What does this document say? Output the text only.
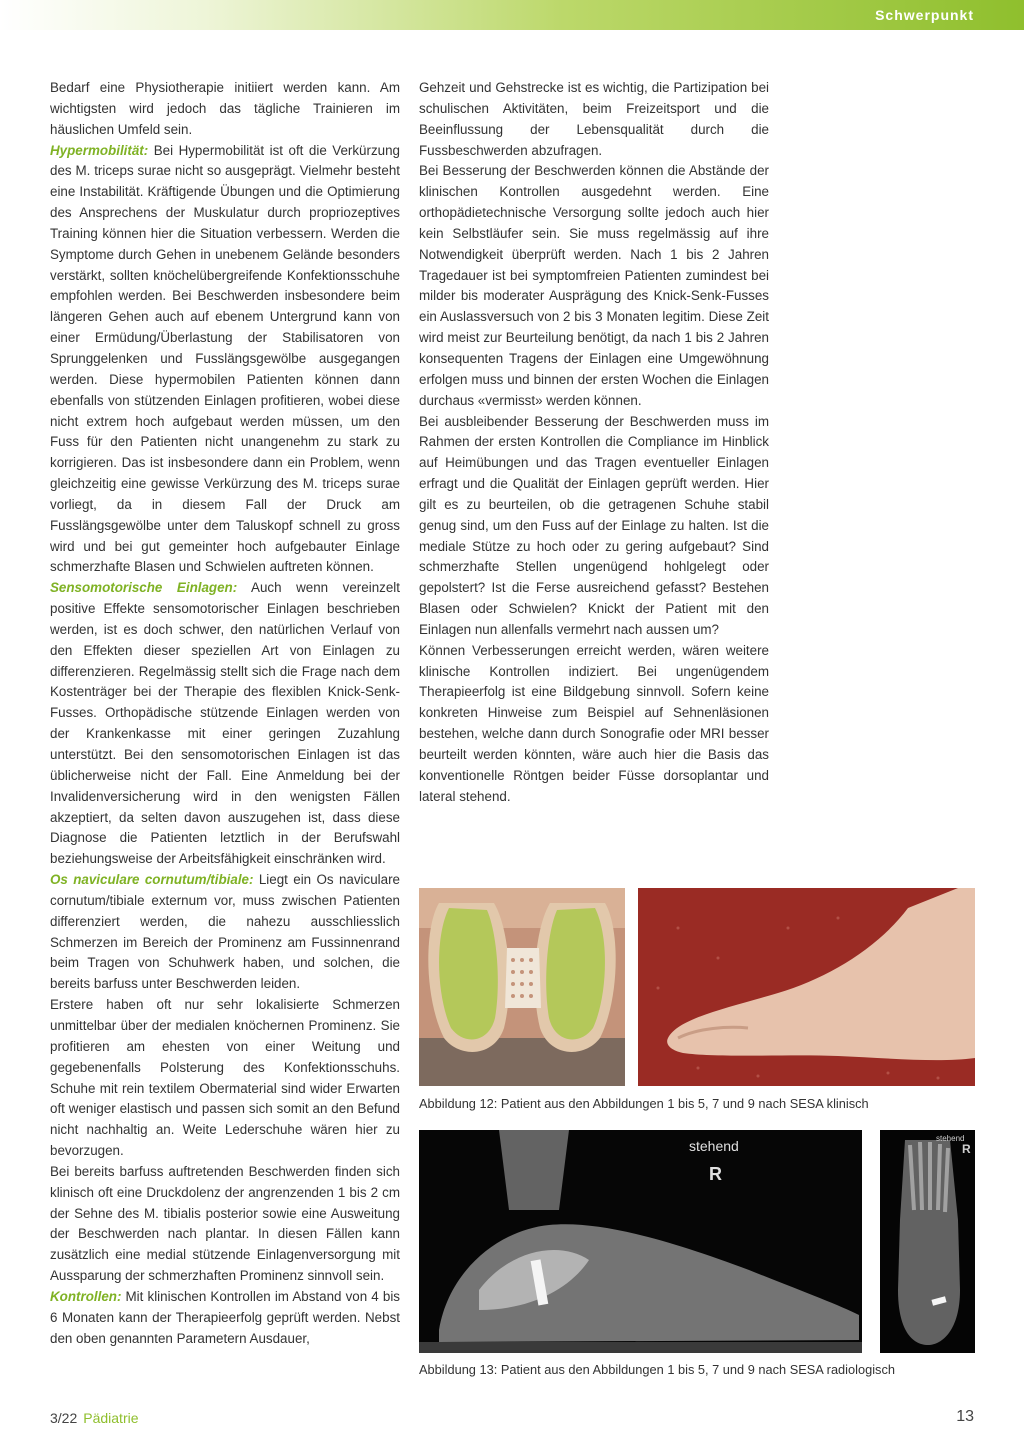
Schwerpunkt

Bedarf eine Physiotherapie initiiert werden kann. Am wichtigsten wird jedoch das tägliche Trainieren im häuslichen Umfeld sein.

Hypermobilität: Bei Hypermobilität ist oft die Verkürzung des M. triceps surae nicht so ausgeprägt. Vielmehr besteht eine Instabilität. Kräftigende Übungen und die Optimierung des Ansprechens der Muskulatur durch propriozeptives Training können hier die Situation verbessern. Werden die Symptome durch Gehen in unebenem Gelände besonders verstärkt, sollten knöchelübergreifende Konfektionsschuhe empfohlen werden. Bei Beschwerden insbesondere beim längeren Gehen auch auf ebenem Untergrund kann von einer Ermüdung/Überlastung der Stabilisatoren von Sprunggelenken und Fusslängsgewölbe ausgegangen werden. Diese hypermobilen Patienten können dann ebenfalls von stützenden Einlagen profitieren, wobei diese nicht extrem hoch aufgebaut werden müssen, um den Fuss für den Patienten nicht unangenehm zu stark zu korrigieren. Das ist insbesondere dann ein Problem, wenn gleichzeitig eine gewisse Verkürzung des M. triceps surae vorliegt, da in diesem Fall der Druck am Fusslängsgewölbe unter dem Taluskopf schnell zu gross wird und bei gut gemeinter hoch aufgebauter Einlage schmerzhafte Blasen und Schwielen auftreten können.

Sensomotorische Einlagen: Auch wenn vereinzelt positive Effekte sensomotorischer Einlagen beschrieben werden, ist es doch schwer, den natürlichen Verlauf von den Effekten dieser speziellen Art von Einlagen zu differenzieren. Regelmässig stellt sich die Frage nach dem Kostenträger bei der Therapie des flexiblen Knick-Senk-Fusses. Orthopädische stützende Einlagen werden von der Krankenkasse mit einer geringen Zuzahlung unterstützt. Bei den sensomotorischen Einlagen ist das üblicherweise nicht der Fall. Eine Anmeldung bei der Invalidenversicherung wird in den wenigsten Fällen akzeptiert, da selten davon auszugehen ist, dass diese Diagnose die Patienten letztlich in der Berufswahl beziehungsweise der Arbeitsfähigkeit einschränken wird.

Os naviculare cornutum/tibiale: Liegt ein Os naviculare cornutum/tibiale externum vor, muss zwischen Patienten differenziert werden, die nahezu ausschliesslich Schmerzen im Bereich der Prominenz am Fussinnenrand beim Tragen von Schuhwerk haben, und solchen, die bereits barfuss unter Beschwerden leiden.

Erstere haben oft nur sehr lokalisierte Schmerzen unmittelbar über der medialen knöchernen Prominenz. Sie profitieren am ehesten von einer Weitung und gegebenenfalls Polsterung des Konfektionsschuhs. Schuhe mit rein textilem Obermaterial sind wider Erwarten oft weniger elastisch und passen sich somit an den Befund nicht nachhaltig an. Weite Lederschuhe wären hier zu bevorzugen.

Bei bereits barfuss auftretenden Beschwerden finden sich klinisch oft eine Druckdolenz der angrenzenden 1 bis 2 cm der Sehne des M. tibialis posterior sowie eine Ausweitung der Beschwerden nach plantar. In diesen Fällen kann zusätzlich eine medial stützende Einlagenversorgung mit Aussparung der schmerzhaften Prominenz sinnvoll sein.

Kontrollen: Mit klinischen Kontrollen im Abstand von 4 bis 6 Monaten kann der Therapieerfolg geprüft werden. Nebst den oben genannten Parametern Ausdauer,

Gehzeit und Gehstrecke ist es wichtig, die Partizipation bei schulischen Aktivitäten, beim Freizeitsport und die Beeinflussung der Lebensqualität durch die Fussbeschwerden abzufragen.

Bei Besserung der Beschwerden können die Abstände der klinischen Kontrollen ausgedehnt werden. Eine orthopädietechnische Versorgung sollte jedoch auch hier kein Selbstläufer sein. Sie muss regelmässig auf ihre Notwendigkeit überprüft werden. Nach 1 bis 2 Jahren Tragedauer ist bei symptomfreien Patienten zumindest bei milder bis moderater Ausprägung des Knick-Senk-Fusses ein Auslassversuch von 2 bis 3 Monaten legitim. Diese Zeit wird meist zur Beurteilung benötigt, da nach 1 bis 2 Jahren konsequenten Tragens der Einlagen eine Umgewöhnung erfolgen muss und binnen der ersten Wochen die Einlagen durchaus «vermisst» werden können.

Bei ausbleibender Besserung der Beschwerden muss im Rahmen der ersten Kontrollen die Compliance im Hinblick auf Heimübungen und das Tragen eventueller Einlagen erfragt und die Qualität der Einlagen geprüft werden. Hier gilt es zu beurteilen, ob die getragenen Schuhe stabil genug sind, um den Fuss auf der Einlage zu halten. Ist die mediale Stütze zu hoch oder zu gering aufgebaut? Sind schmerzhafte Stellen ungenügend hohlgelegt oder gepolstert? Ist die Ferse ausreichend gefasst? Bestehen Blasen oder Schwielen? Knickt der Patient mit den Einlagen nun allenfalls vermehrt nach aussen um?

Können Verbesserungen erreicht werden, wären weitere klinische Kontrollen indiziert. Bei ungenügendem Therapieerfolg ist eine Bildgebung sinnvoll. Sofern keine konkreten Hinweise zum Beispiel auf Sehnenläsionen bestehen, welche dann durch Sonografie oder MRI besser beurteilt werden könnten, wäre auch hier die Basis das konventionelle Röntgen beider Füsse dorsoplantar und lateral stehend.

Abbildung 12: Patient aus den Abbildungen 1 bis 5, 7 und 9 nach SESA klinisch
stehend
R
stehend
R
Abbildung 13: Patient aus den Abbildungen 1 bis 5, 7 und 9 nach SESA radiologisch
3/22 Pädiatrie	13
